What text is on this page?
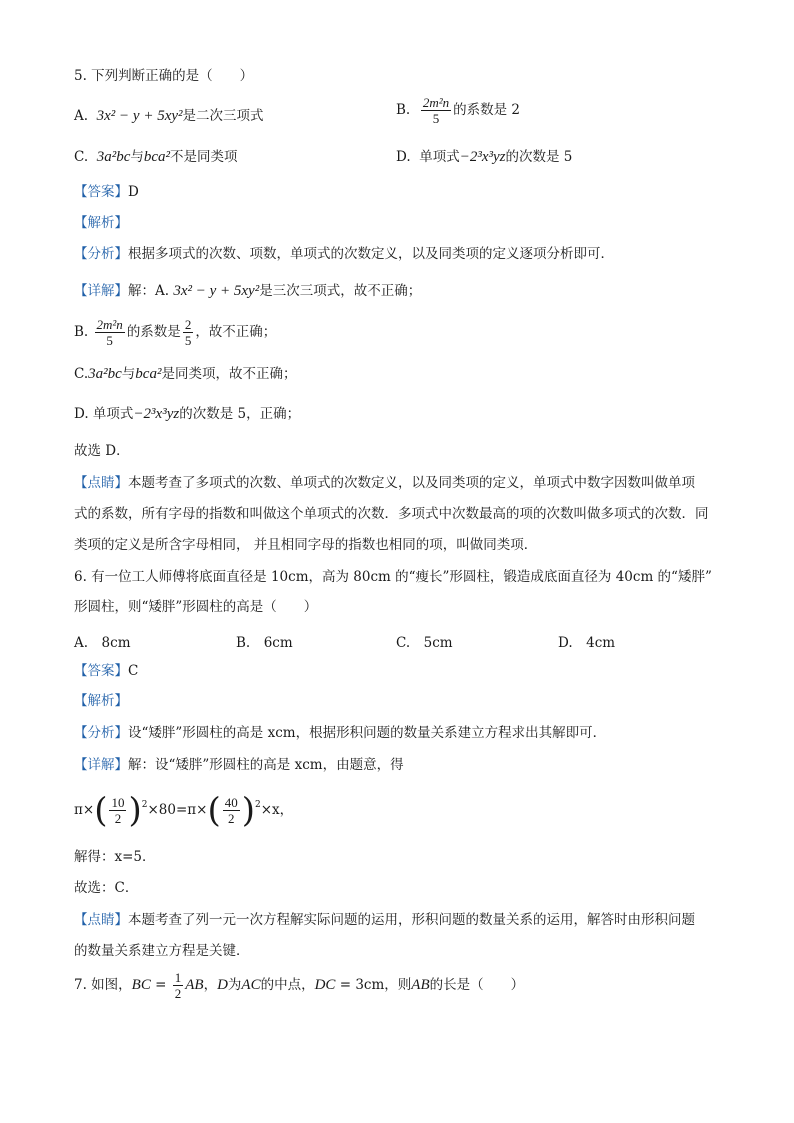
5. 下列判断正确的是（　　）
A. 3x² − y + 5xy²是二次三项式	B. $\frac{\text{2m²n}}{5}$ 的系数是 2
C. 3a²bc与bca²不是同类项	D. 单项式−2³x³yz的次数是 5
【答案】D
【解析】
【分析】根据多项式的次数、项数，单项式的次数定义，以及同类项的定义逐项分析即可．
【详解】解：A. 3x² − y + 5xy²是三次三项式，故不正确；
B. $\frac{\text{2m²n}}{5}$ 的系数是 $\frac{2}{5}$ ，故不正确；
C.3a²bc与bca²是同类项，故不正确；
D. 单项式−2³x³yz的次数是 5，正确；
故选 D．
【点睛】本题考查了多项式的次数、单项式的次数定义，以及同类项的定义，单项式中数字因数叫做单项
式的系数，所有字母的指数和叫做这个单项式的次数．多项式中次数最高的项的次数叫做多项式的次数．同
类项的定义是所含字母相同， 并且相同字母的指数也相同的项，叫做同类项．
6. 有一位工人师傅将底面直径是 10cm，高为 80cm 的“瘦长”形圆柱，锻造成底面直径为 40cm 的“矮胖”
形圆柱，则“矮胖”形圆柱的高是（　　）
A.　8cm	B.　6cm	C.　5cm	D.　4cm
【答案】C
【解析】
【分析】设“矮胖”形圆柱的高是 xcm，根据形积问题的数量关系建立方程求出其解即可．
【详解】解：设“矮胖”形圆柱的高是 xcm，由题意，得
$\pi\times( \frac{10}{2} )^2\times 80=\pi\times( \frac{40}{2} )^2\times x$，
解得：x=5．
故选：C．
【点睛】本题考查了列一元一次方程解实际问题的运用，形积问题的数量关系的运用，解答时由形积问题
的数量关系建立方程是关键．
7. 如图，BC = $\frac{1}{2}$ AB，D为AC的中点，DC = 3cm，则AB的长是（　　）
